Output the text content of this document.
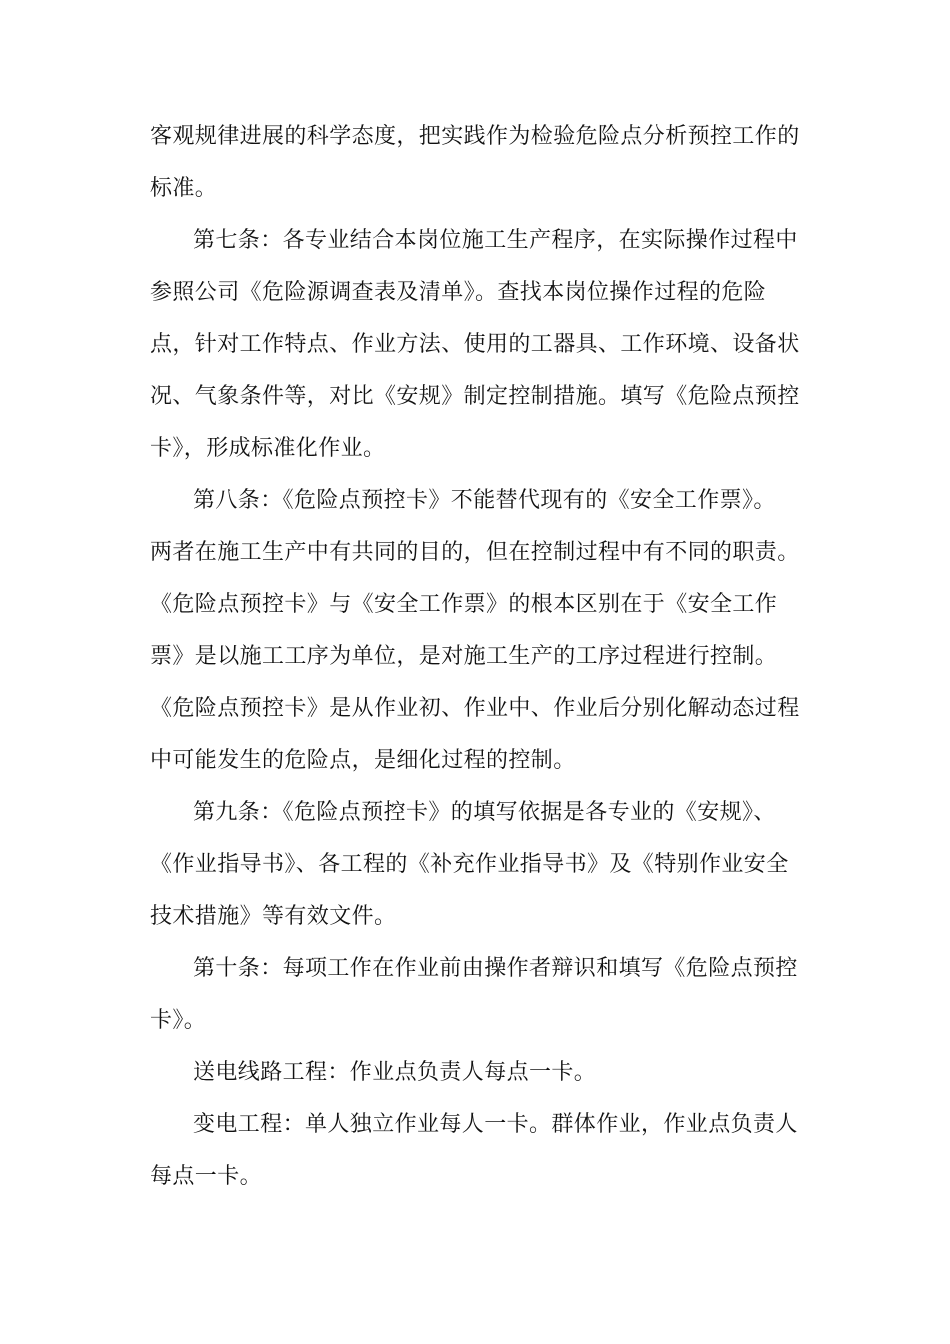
客观规律进展的科学态度，把实践作为检验危险点分析预控工作的
标准。
第七条：各专业结合本岗位施工生产程序，在实际操作过程中
参照公司《危险源调查表及清单》。查找本岗位操作过程的危险
点，针对工作特点、作业方法、使用的工器具、工作环境、设备状
况、气象条件等，对比《安规》制定控制措施。填写《危险点预控
卡》，形成标准化作业。
第八条：《危险点预控卡》不能替代现有的《安全工作票》。
两者在施工生产中有共同的目的，但在控制过程中有不同的职责。
《危险点预控卡》与《安全工作票》的根本区别在于《安全工作
票》是以施工工序为单位，是对施工生产的工序过程进行控制。
《危险点预控卡》是从作业初、作业中、作业后分别化解动态过程
中可能发生的危险点，是细化过程的控制。
第九条：《危险点预控卡》的填写依据是各专业的《安规》、
《作业指导书》、各工程的《补充作业指导书》及《特别作业安全
技术措施》等有效文件。
第十条：每项工作在作业前由操作者辩识和填写《危险点预控
卡》。
送电线路工程：作业点负责人每点一卡。
变电工程：单人独立作业每人一卡。群体作业，作业点负责人
每点一卡。
